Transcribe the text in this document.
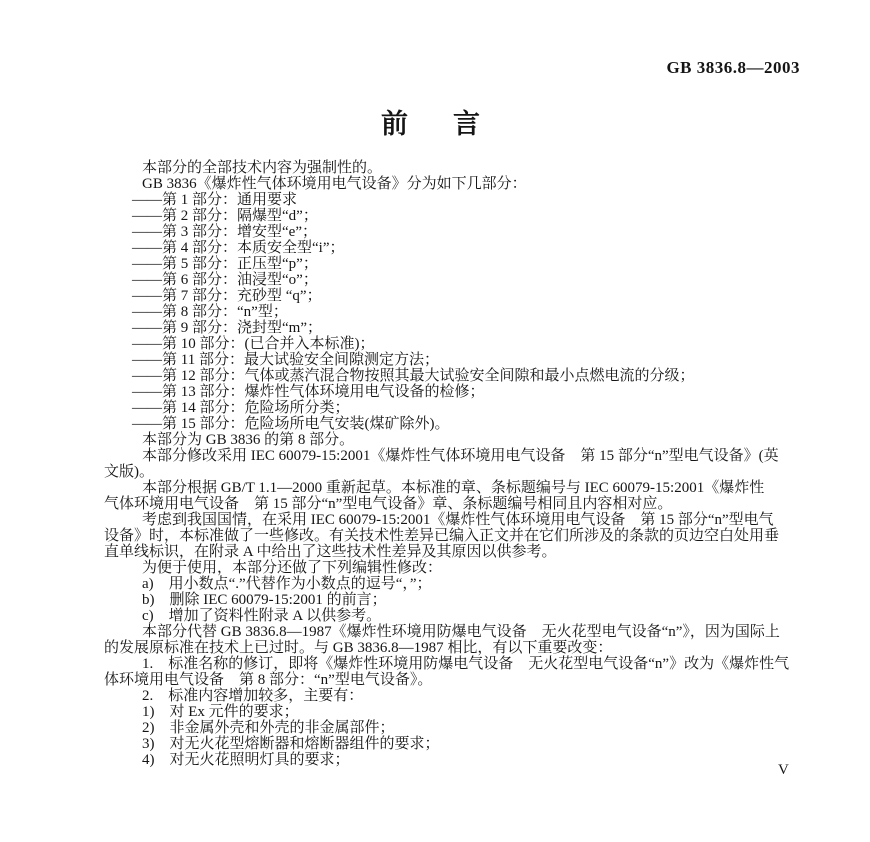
GB 3836.8—2003
前　言
本部分的全部技术内容为强制性的。
GB 3836《爆炸性气体环境用电气设备》分为如下几部分：
——第 1 部分：通用要求
——第 2 部分：隔爆型“d”；
——第 3 部分：增安型“e”；
——第 4 部分：本质安全型“i”；
——第 5 部分：正压型“p”；
——第 6 部分：油浸型“o”；
——第 7 部分：充砂型 “q”；
——第 8 部分：“n”型；
——第 9 部分：浇封型“m”；
——第 10 部分：(已合并入本标准)；
——第 11 部分：最大试验安全间隙测定方法；
——第 12 部分：气体或蒸汽混合物按照其最大试验安全间隙和最小点燃电流的分级；
——第 13 部分：爆炸性气体环境用电气设备的检修；
——第 14 部分：危险场所分类；
——第 15 部分：危险场所电气安装(煤矿除外)。
本部分为 GB 3836 的第 8 部分。
本部分修改采用 IEC 60079-15:2001《爆炸性气体环境用电气设备　第 15 部分“n”型电气设备》(英
文版)。
本部分根据 GB/T 1.1—2000 重新起草。本标准的章、条标题编号与 IEC 60079-15:2001《爆炸性
气体环境用电气设备　第 15 部分“n”型电气设备》章、条标题编号相同且内容相对应。
考虑到我国国情，在采用 IEC 60079-15:2001《爆炸性气体环境用电气设备　第 15 部分“n”型电气
设备》时，本标准做了一些修改。有关技术性差异已编入正文并在它们所涉及的条款的页边空白处用垂
直单线标识，在附录 A 中给出了这些技术性差异及其原因以供参考。
为便于使用，本部分还做了下列编辑性修改：
a)　用小数点“.”代替作为小数点的逗号“，”；
b)　删除 IEC 60079-15:2001 的前言；
c)　增加了资料性附录 A 以供参考。
本部分代替 GB 3836.8—1987《爆炸性环境用防爆电气设备　无火花型电气设备“n”》，因为国际上
的发展原标准在技术上已过时。与 GB 3836.8—1987 相比，有以下重要改变：
1.　标准名称的修订，即将《爆炸性环境用防爆电气设备　无火花型电气设备“n”》改为《爆炸性气
体环境用电气设备　第 8 部分：“n”型电气设备》。
2.　标准内容增加较多，主要有：
1)　对 Ex 元件的要求；
2)　非金属外壳和外壳的非金属部件；
3)　对无火花型熔断器和熔断器组件的要求；
4)　对无火花照明灯具的要求；
V
